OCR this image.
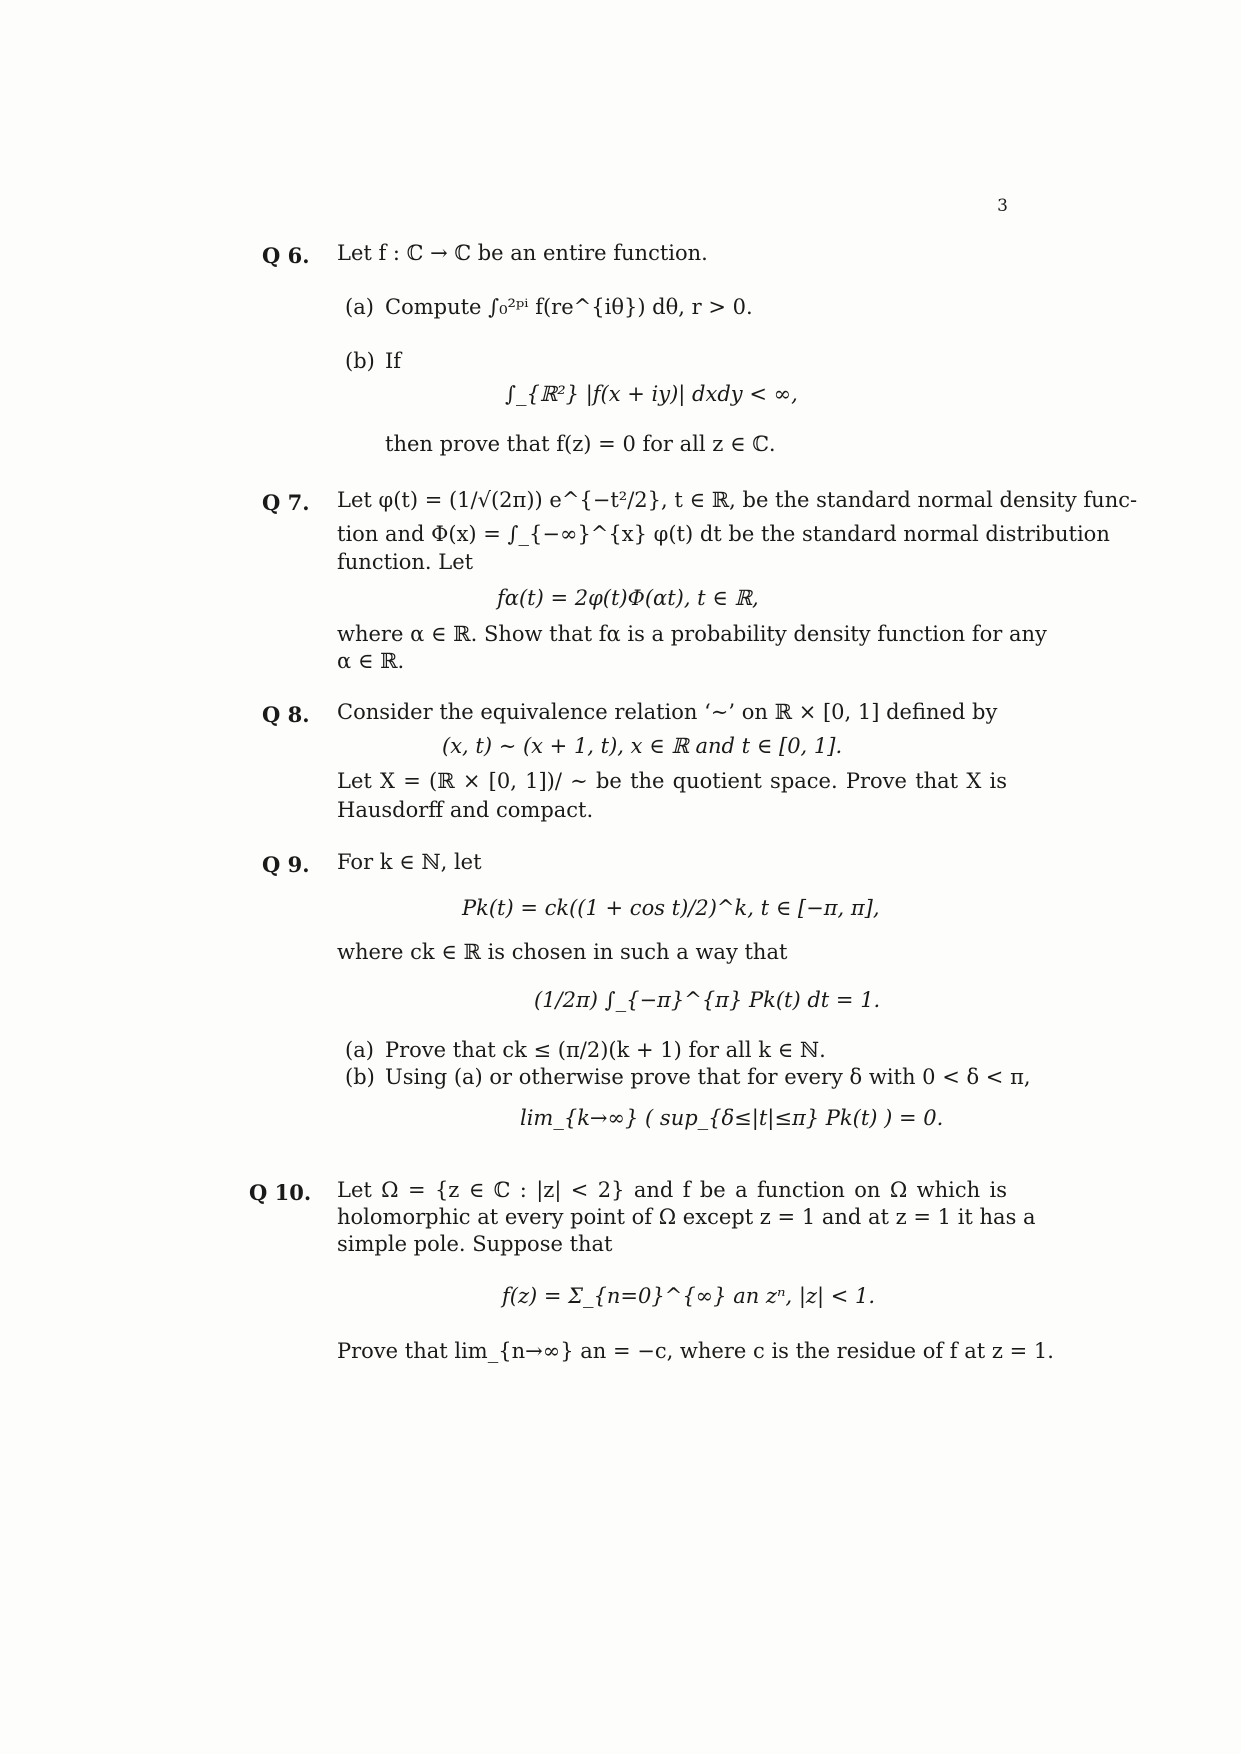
3
Q 6. Let f : ℂ → ℂ be an entire function.
(a) Compute ∫₀²ᵖⁱ f(re^{iθ}) dθ, r > 0.
(b) If
∫_{ℝ²} |f(x + iy)| dxdy < ∞,
then prove that f(z) = 0 for all z ∈ ℂ.
Q 7. Let φ(t) = (1/√(2π)) e^{−t²/2}, t ∈ ℝ, be the standard normal density func-
tion and Φ(x) = ∫_{−∞}^{x} φ(t) dt be the standard normal distribution
function. Let
fα(t) = 2φ(t)Φ(αt), t ∈ ℝ,
where α ∈ ℝ. Show that fα is a probability density function for any
α ∈ ℝ.
Q 8. Consider the equivalence relation ‘∼’ on ℝ × [0, 1] defined by
(x, t) ∼ (x + 1, t), x ∈ ℝ and t ∈ [0, 1].
Let X = (ℝ × [0, 1])/ ∼ be the quotient space. Prove that X is
Hausdorff and compact.
Q 9. For k ∈ ℕ, let
Pk(t) = ck((1 + cos t)/2)^k, t ∈ [−π, π],
where ck ∈ ℝ is chosen in such a way that
(1/2π) ∫_{−π}^{π} Pk(t) dt = 1.
(a) Prove that ck ≤ (π/2)(k + 1) for all k ∈ ℕ.
(b) Using (a) or otherwise prove that for every δ with 0 < δ < π,
lim_{k→∞} ( sup_{δ≤|t|≤π} Pk(t) ) = 0.
Q 10. Let Ω = {z ∈ ℂ : |z| < 2} and f be a function on Ω which is
holomorphic at every point of Ω except z = 1 and at z = 1 it has a
simple pole. Suppose that
f(z) = Σ_{n=0}^{∞} an zⁿ, |z| < 1.
Prove that lim_{n→∞} an = −c, where c is the residue of f at z = 1.
